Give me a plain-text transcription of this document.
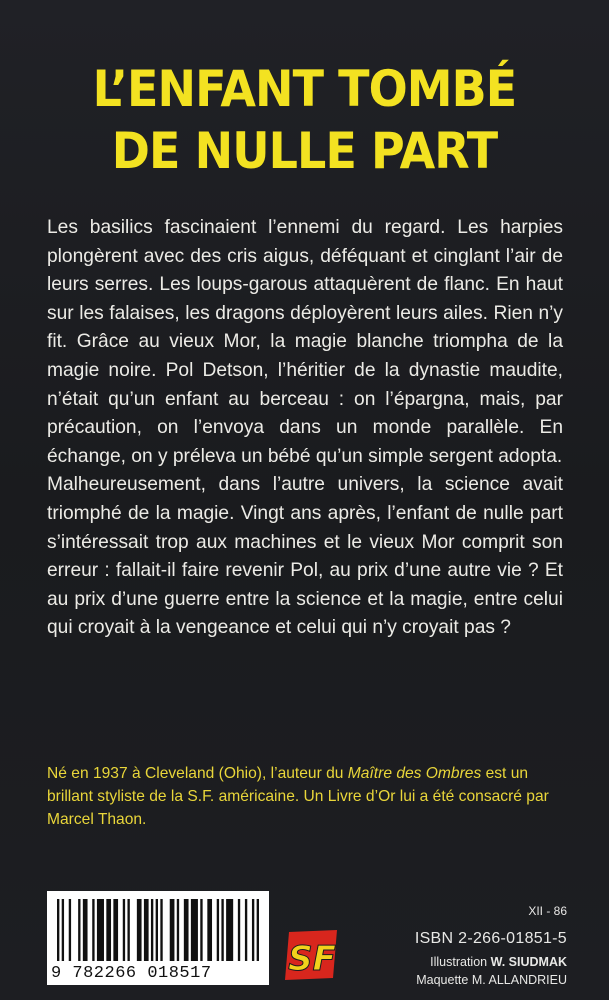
L’ENFANT TOMBÉ
DE NULLE PART

Les basilics fascinaient l’ennemi du regard. Les harpies plongèrent avec des cris aigus, déféquant et cinglant l’air de leurs serres. Les loups-garous attaquèrent de flanc. En haut sur les falaises, les dragons déployèrent leurs ailes. Rien n’y fit. Grâce au vieux Mor, la magie blanche triompha de la magie noire. Pol Detson, l’héritier de la dynastie maudite, n’était qu’un enfant au berceau : on l’épargna, mais, par précaution, on l’envoya dans un monde parallèle. En échange, on y préleva un bébé qu’un simple sergent adopta.

Malheureusement, dans l’autre univers, la science avait triomphé de la magie. Vingt ans après, l’enfant de nulle part s’intéressait trop aux machines et le vieux Mor comprit son erreur : fallait-il faire revenir Pol, au prix d’une autre vie ? Et au prix d’une guerre entre la science et la magie, entre celui qui croyait à la vengeance et celui qui n’y croyait pas ?

Né en 1937 à Cleveland (Ohio), l’auteur du Maître des Ombres est un brillant styliste de la S.F. américaine. Un Livre d’Or lui a été consacré par Marcel Thaon.

9 782266 018517	SF
XII - 86
ISBN 2-266-01851-5
Illustration W. SIUDMAK
Maquette M. ALLANDRIEU
